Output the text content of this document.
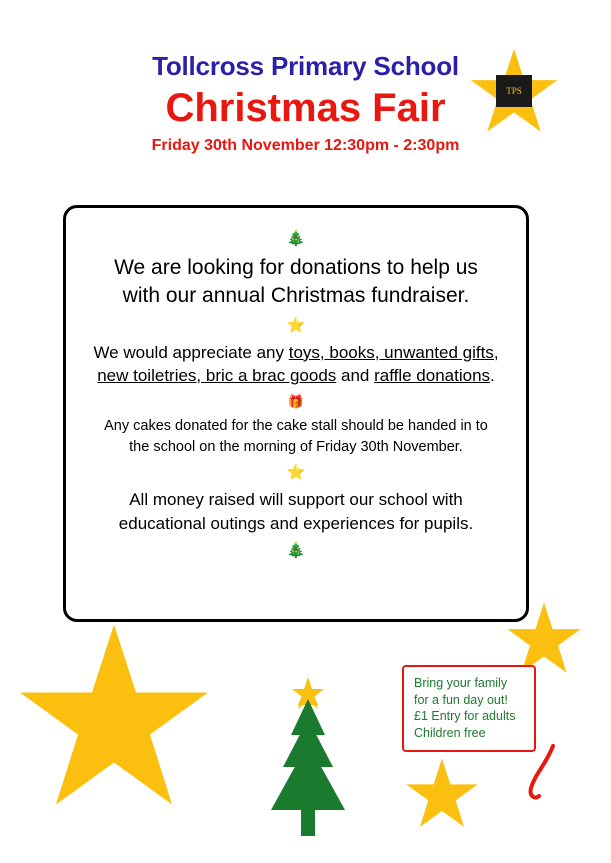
Tollcross Primary School
Christmas Fair

Friday 30th November 12:30pm - 2:30pm

TPS
🎄

We are looking for donations to help us with our annual Christmas fundraiser.

⭐

We would appreciate any toys, books, unwanted gifts,
new toiletries, bric a brac goods and raffle donations.

🎁

Any cakes donated for the cake stall should be handed in to the school on the morning of Friday 30th November.

⭐

All money raised will support our school with educational outings and experiences for pupils.

🎄

Bring your family

for a fun day out!

£1 Entry for adults

Children free
